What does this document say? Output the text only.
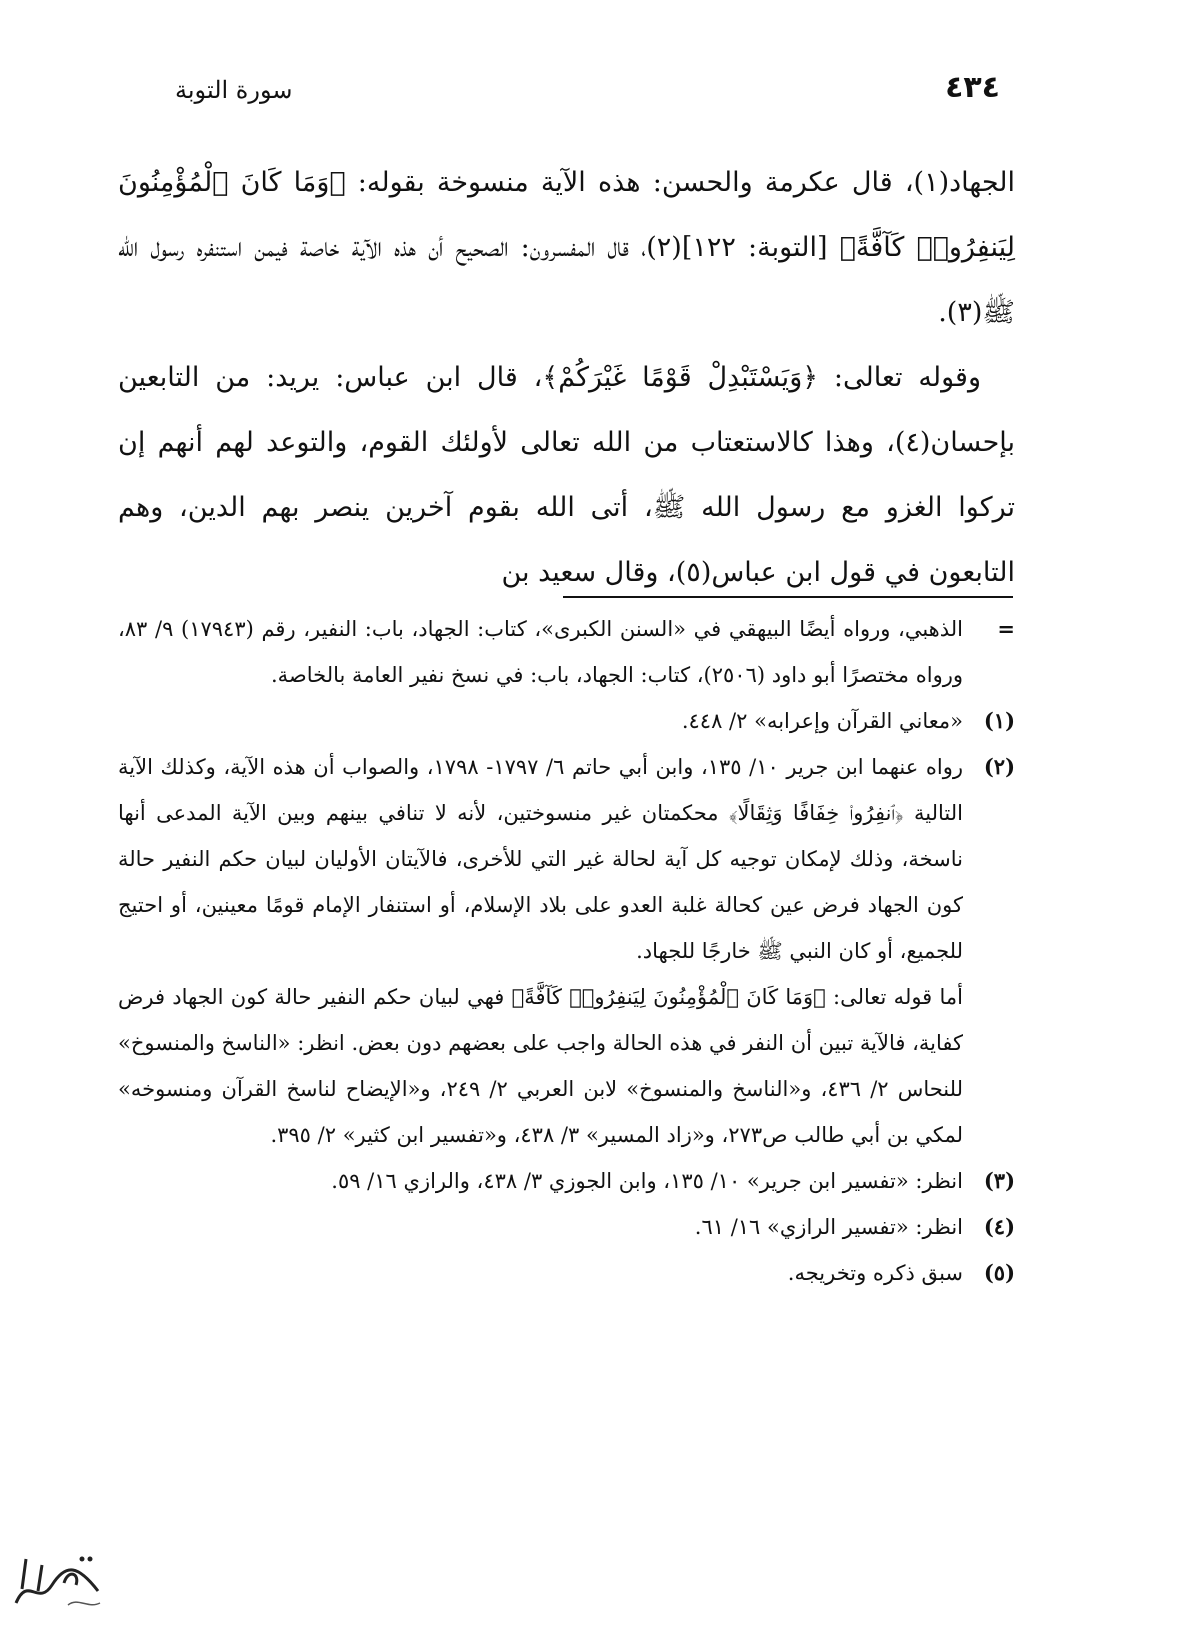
سورة التوبة	٤٣٤

الجهاد(١)، قال عكرمة والحسن: هذه الآية منسوخة بقوله: ﴿وَمَا كَانَ ٱلْمُؤْمِنُونَ لِيَنفِرُوا۟ كَآفَّةً﴾ [التوبة: ١٢٢](٢)، قال المفسرون: الصحيح أن هذه الآية خاصة فيمن استنفره رسول الله ﷺ(٣).

وقوله تعالى: ﴿وَيَسْتَبْدِلْ قَوْمًا غَيْرَكُمْ﴾، قال ابن عباس: يريد: من التابعين بإحسان(٤)، وهذا كالاستعتاب من الله تعالى لأولئك القوم، والتوعد لهم أنهم إن تركوا الغزو مع رسول الله ﷺ، أتى الله بقوم آخرين ينصر بهم الدين، وهم التابعون في قول ابن عباس(٥)، وقال سعيد بن

=

الذهبي، ورواه أيضًا البيهقي في «السنن الكبرى»، كتاب: الجهاد، باب: النفير، رقم (١٧٩٤٣) ٩/ ٨٣، ورواه مختصرًا أبو داود (٢٥٠٦)، كتاب: الجهاد، باب: في نسخ نفير العامة بالخاصة.

(١)

«معاني القرآن وإعرابه» ٢/ ٤٤٨.

(٢)

رواه عنهما ابن جرير ١٠/ ١٣٥، وابن أبي حاتم ٦/ ١٧٩٧- ١٧٩٨، والصواب أن هذه الآية، وكذلك الآية التالية ﴿ٱنفِرُوا۟ خِفَافًا وَثِقَالًا﴾ محكمتان غير منسوختين، لأنه لا تنافي بينهم وبين الآية المدعى أنها ناسخة، وذلك لإمكان توجيه كل آية لحالة غير التي للأخرى، فالآيتان الأوليان لبيان حكم النفير حالة كون الجهاد فرض عين كحالة غلبة العدو على بلاد الإسلام، أو استنفار الإمام قومًا معينين، أو احتيج للجميع، أو كان النبي ﷺ خارجًا للجهاد.

أما قوله تعالى: ﴿وَمَا كَانَ ٱلْمُؤْمِنُونَ لِيَنفِرُوا۟ كَآفَّةً﴾ فهي لبيان حكم النفير حالة كون الجهاد فرض كفاية، فالآية تبين أن النفر في هذه الحالة واجب على بعضهم دون بعض. انظر: «الناسخ والمنسوخ» للنحاس ٢/ ٤٣٦، و«الناسخ والمنسوخ» لابن العربي ٢/ ٢٤٩، و«الإيضاح لناسخ القرآن ومنسوخه» لمكي بن أبي طالب ص٢٧٣، و«زاد المسير» ٣/ ٤٣٨، و«تفسير ابن كثير» ٢/ ٣٩٥.

(٣)

انظر: «تفسير ابن جرير» ١٠/ ١٣٥، وابن الجوزي ٣/ ٤٣٨، والرازي ١٦/ ٥٩.

(٤)

انظر: «تفسير الرازي» ١٦/ ٦١.

(٥)

سبق ذكره وتخريجه.
